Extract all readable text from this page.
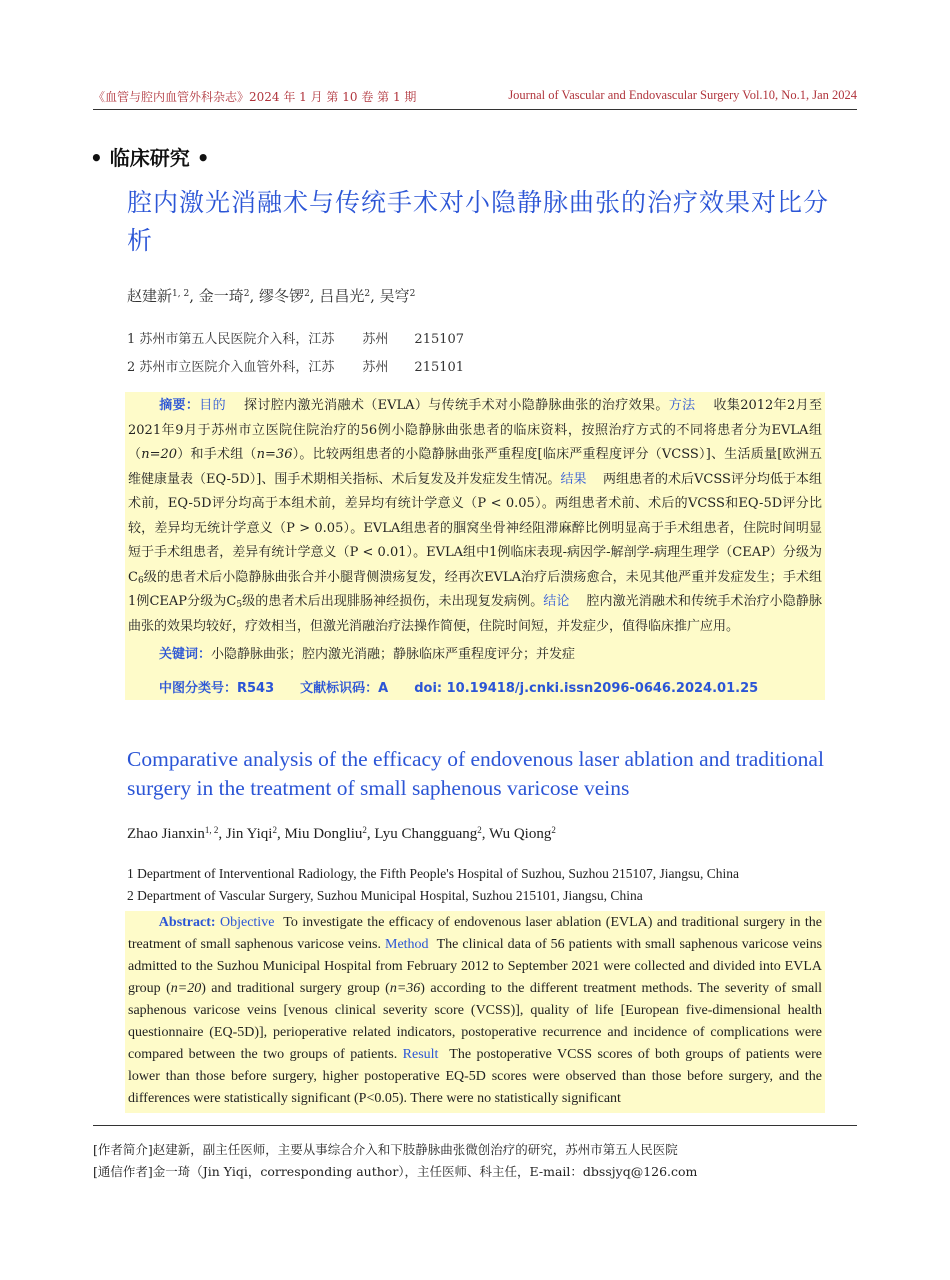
《血管与腔内血管外科杂志》2024 年 1 月 第 10 卷 第 1 期	Journal of Vascular and Endovascular Surgery Vol.10, No.1, Jan 2024
• 临床研究 •
腔内激光消融术与传统手术对小隐静脉曲张的治疗效果对比分析
赵建新$^{1, 2}$, 金一琦$^2$, 缪冬锣$^2$, 吕昌光$^2$, 吴穹$^2$
1 苏州市第五人民医院介入科，江苏 苏州 215107
2 苏州市立医院介入血管外科，江苏 苏州 215101
摘要：目的 探讨腔内激光消融术（EVLA）与传统手术对小隐静脉曲张的治疗效果。方法 收集2012年2月至2021年9月于苏州市立医院住院治疗的56例小隐静脉曲张患者的临床资料，按照治疗方式的不同将患者分为EVLA组（n=20）和手术组（n=36）。比较两组患者的小隐静脉曲张严重程度[临床严重程度评分（VCSS）]、生活质量[欧洲五维健康量表（EQ-5D）]、围手术期相关指标、术后复发及并发症发生情况。结果 两组患者的术后VCSS评分均低于本组术前，EQ-5D评分均高于本组术前，差异均有统计学意义（P < 0.05）。两组患者术前、术后的VCSS和EQ-5D评分比较，差异均无统计学意义（P > 0.05）。EVLA组患者的腘窝坐骨神经阻滞麻醉比例明显高于手术组患者，住院时间明显短于手术组患者，差异有统计学意义（P < 0.01）。EVLA组中1例临床表现-病因学-解剖学-病理生理学（CEAP）分级为$C_6$级的患者术后小隐静脉曲张合并小腿背侧溃疡复发，经再次EVLA治疗后溃疡愈合，未见其他严重并发症发生；手术组1例CEAP分级为$C_5$级的患者术后出现腓肠神经损伤，未出现复发病例。结论 腔内激光消融术和传统手术治疗小隐静脉曲张的效果均较好，疗效相当，但激光消融治疗法操作简便，住院时间短，并发症少，值得临床推广应用。
关键词：小隐静脉曲张；腔内激光消融；静脉临床严重程度评分；并发症
中图分类号：R543 文献标识码：A doi: 10.19418/j.cnki.issn2096-0646.2024.01.25
Comparative analysis of the efficacy of endovenous laser ablation and traditional surgery in the treatment of small saphenous varicose veins
Zhao Jianxin$^{1, 2}$, Jin Yiqi$^2$, Miu Dongliu$^2$, Lyu Changguang$^2$, Wu Qiong$^2$
1 Department of Interventional Radiology, the Fifth People's Hospital of Suzhou, Suzhou 215107, Jiangsu, China
2 Department of Vascular Surgery, Suzhou Municipal Hospital, Suzhou 215101, Jiangsu, China
Abstract: Objective To investigate the efficacy of endovenous laser ablation (EVLA) and traditional surgery in the treatment of small saphenous varicose veins. Method The clinical data of 56 patients with small saphenous varicose veins admitted to the Suzhou Municipal Hospital from February 2012 to September 2021 were collected and divided into EVLA group (n=20) and traditional surgery group (n=36) according to the different treatment methods. The severity of small saphenous varicose veins [venous clinical severity score (VCSS)], quality of life [European five-dimensional health questionnaire (EQ-5D)], perioperative related indicators, postoperative recurrence and incidence of complications were compared between the two groups of patients. Result The postoperative VCSS scores of both groups of patients were lower than those before surgery, higher postoperative EQ-5D scores were observed than those before surgery, and the differences were statistically significant (P<0.05). There were no statistically significant
[作者简介]赵建新，副主任医师，主要从事综合介入和下肢静脉曲张微创治疗的研究，苏州市第五人民医院
[通信作者]金一琦（Jin Yiqi，corresponding author），主任医师、科主任，E-mail：dbssjyq@126.com
